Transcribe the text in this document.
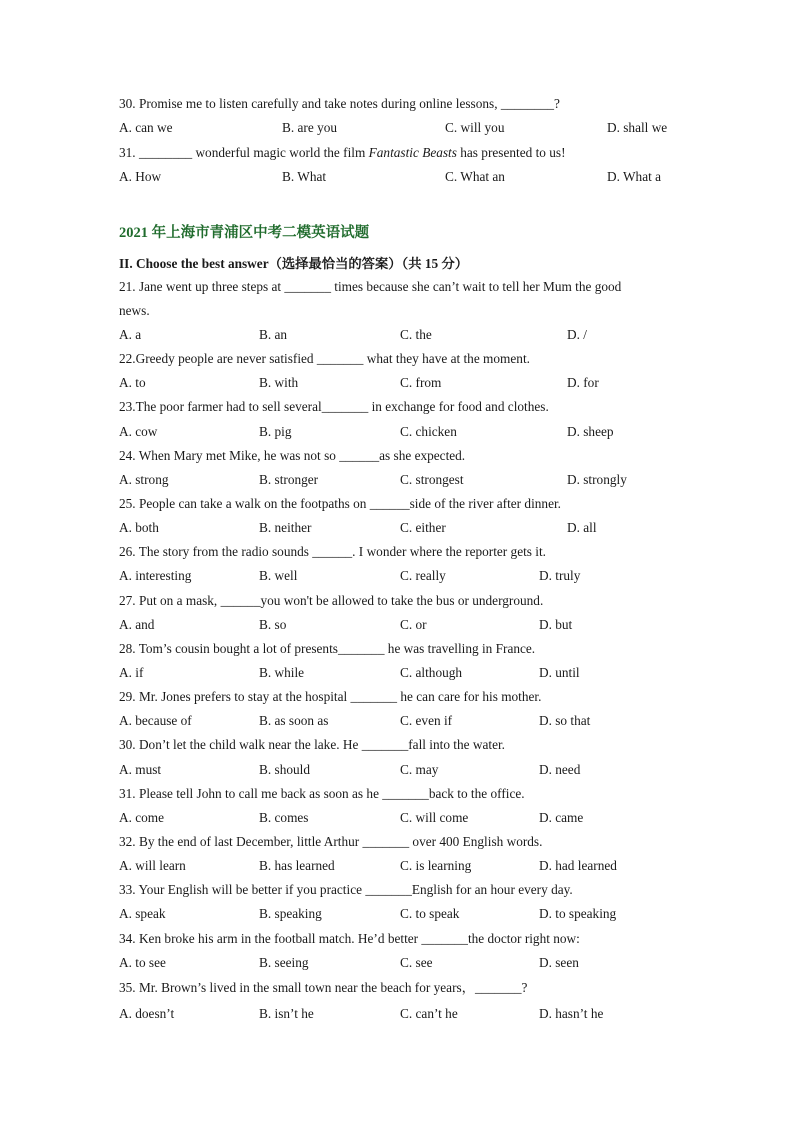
30. Promise me to listen carefully and take notes during online lessons, ________?
A. can we	B. are you	C. will you	D. shall we
31. ________ wonderful magic world the film Fantastic Beasts has presented to us!
A. How	B. What	C. What an	D. What a
2021 年上海市青浦区中考二模英语试题
II. Choose the best answer（选择最恰当的答案）（共 15 分）
21. Jane went up three steps at _______ times because she can’t wait to tell her Mum the good
news.
A. a	B. an	C. the	D. /
22.Greedy people are never satisfied _______ what they have at the moment.
A. to	B. with	C. from	D. for
23.The poor farmer had to sell several_______ in exchange for food and clothes.
A. cow	B. pig	C. chicken	D. sheep
24. When Mary met Mike, he was not so ______as she expected.
A. strong	B. stronger	C. strongest	D. strongly
25. People can take a walk on the footpaths on ______side of the river after dinner.
A. both	B. neither	C. either	D. all
26. The story from the radio sounds ______. I wonder where the reporter gets it.
A. interesting	B. well	C. really	D. truly
27. Put on a mask, ______you won't be allowed to take the bus or underground.
A. and	B. so	C. or	D. but
28. Tom’s cousin bought a lot of presents_______ he was travelling in France.
A. if	B. while	C. although	D. until
29. Mr. Jones prefers to stay at the hospital _______ he can care for his mother.
A. because of	B. as soon as	C. even if	D. so that
30. Don’t let the child walk near the lake. He _______fall into the water.
A. must	B. should	C. may	D. need
31. Please tell John to call me back as soon as he _______back to the office.
A. come	B. comes	C. will come	D. came
32. By the end of last December, little Arthur _______ over 400 English words.
A. will learn	B. has learned	C. is learning	D. had learned
33. Your English will be better if you practice _______English for an hour every day.
A. speak	B. speaking	C. to speak	D. to speaking
34. Ken broke his arm in the football match. He’d better _______the doctor right now:
A. to see	B. seeing	C. see	D. seen
35. Mr. Brown’s lived in the small town near the beach for years，_______?
A. doesn’t	B. isn’t he	C. can’t he	D. hasn’t he
